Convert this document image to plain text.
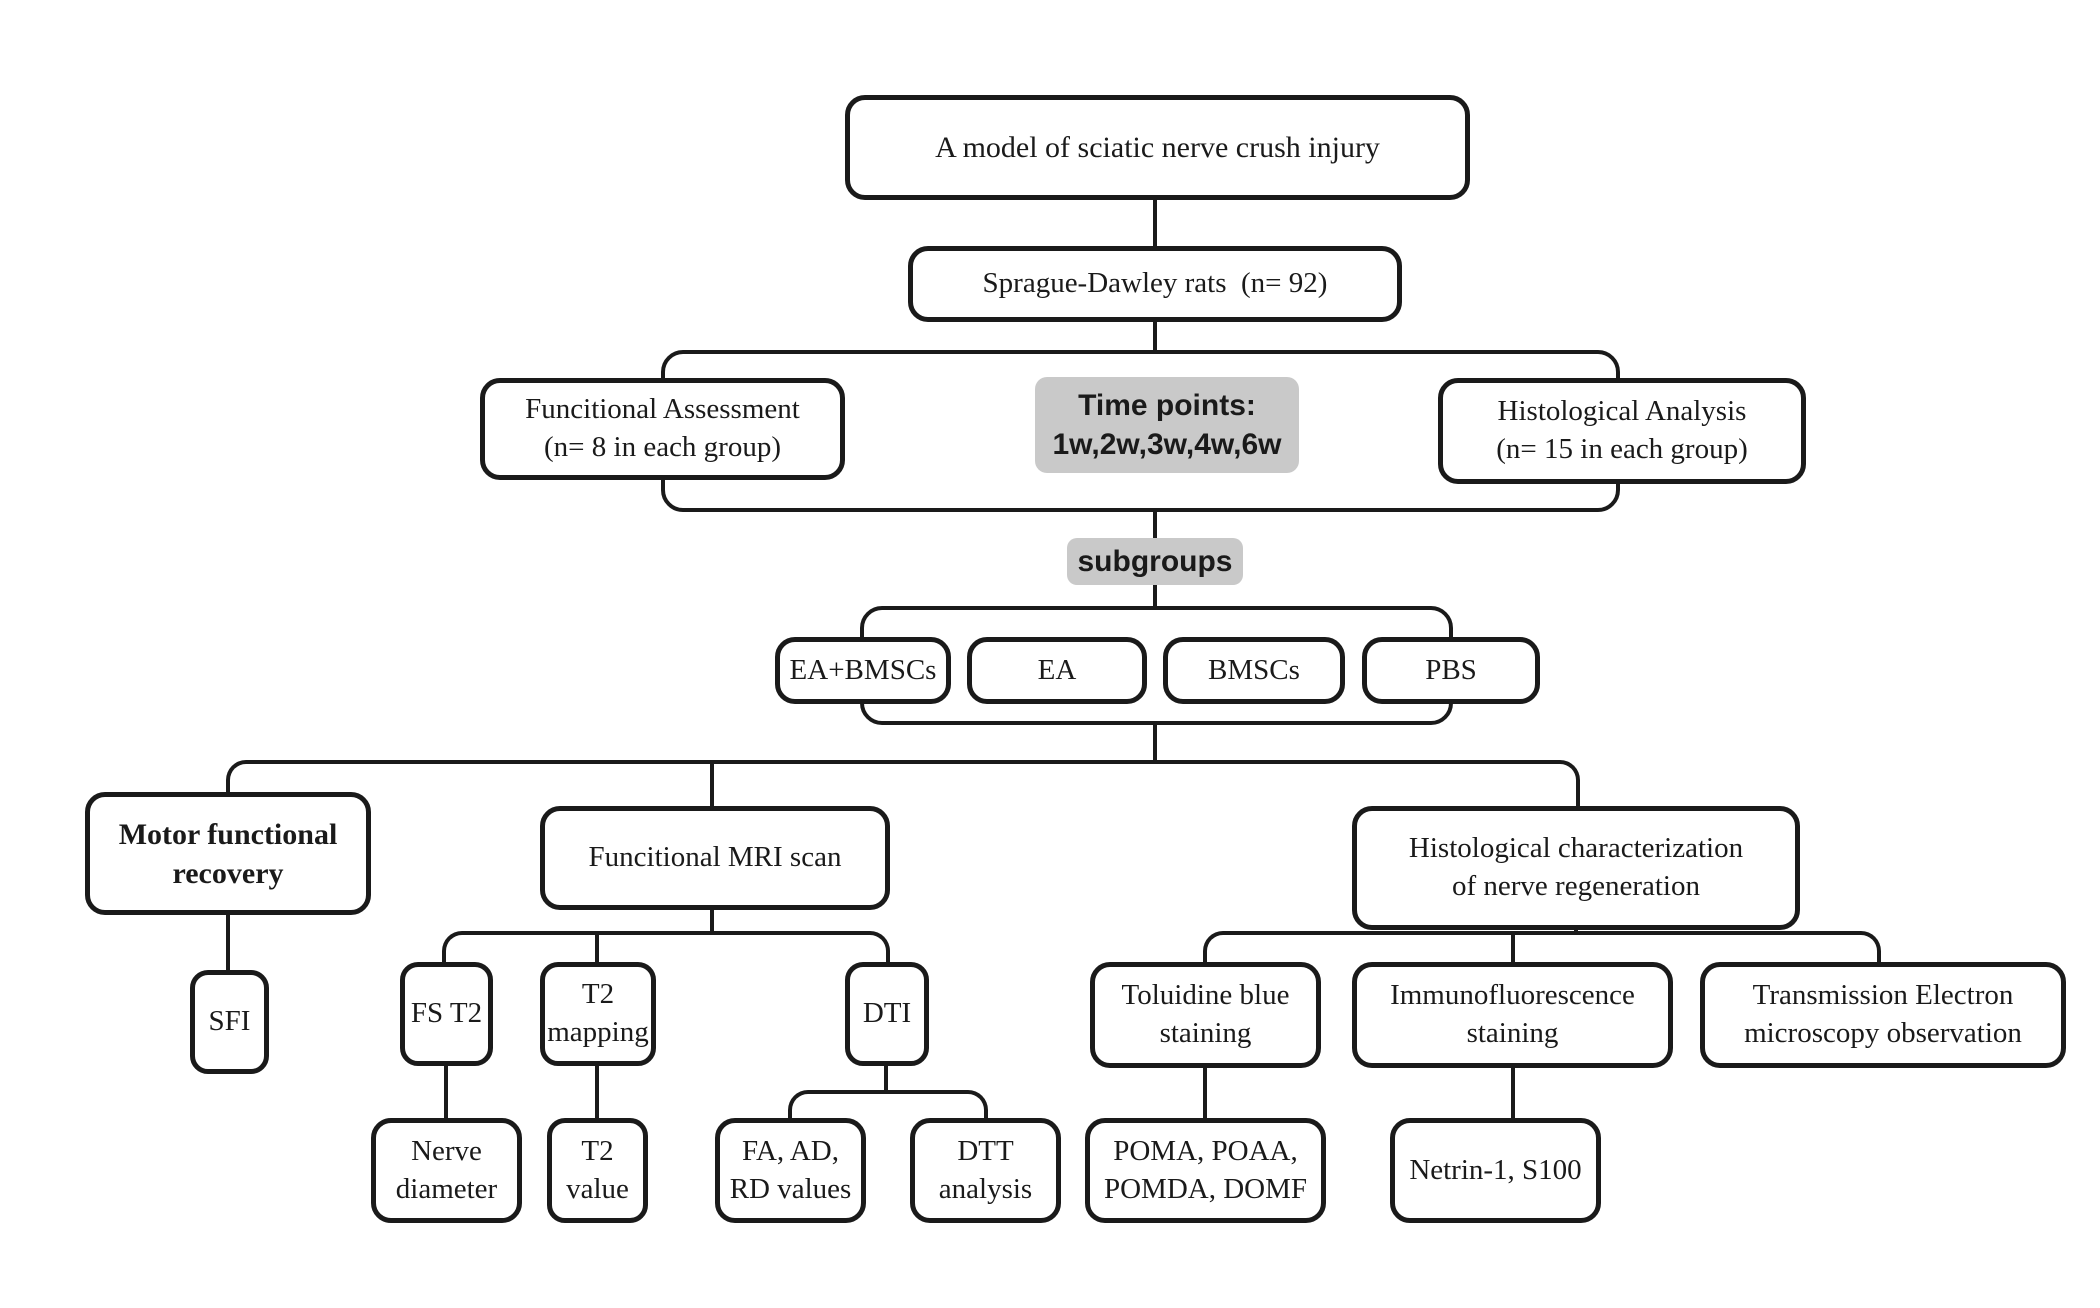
A model of sciatic nerve crush injury
Sprague-Dawley rats  (n= 92)
Funcitional Assessment
(n= 8 in each group)
Time points:
1w,2w,3w,4w,6w
Histological Analysis
(n= 15 in each group)
subgroups
EA+BMSCs	EA	BMSCs	PBS
Motor functional
recovery	Funcitional MRI scan	Histological characterization
of nerve regeneration
SFI	FS T2
T2
mapping
DTI
Nerve
diameter
T2
value
FA, AD,
RD values
DTT
analysis
Toluidine blue
staining
Immunofluorescence
staining
Transmission Electron
microscopy observation
POMA, POAA,
POMDA, DOMF
Netrin-1, S100
